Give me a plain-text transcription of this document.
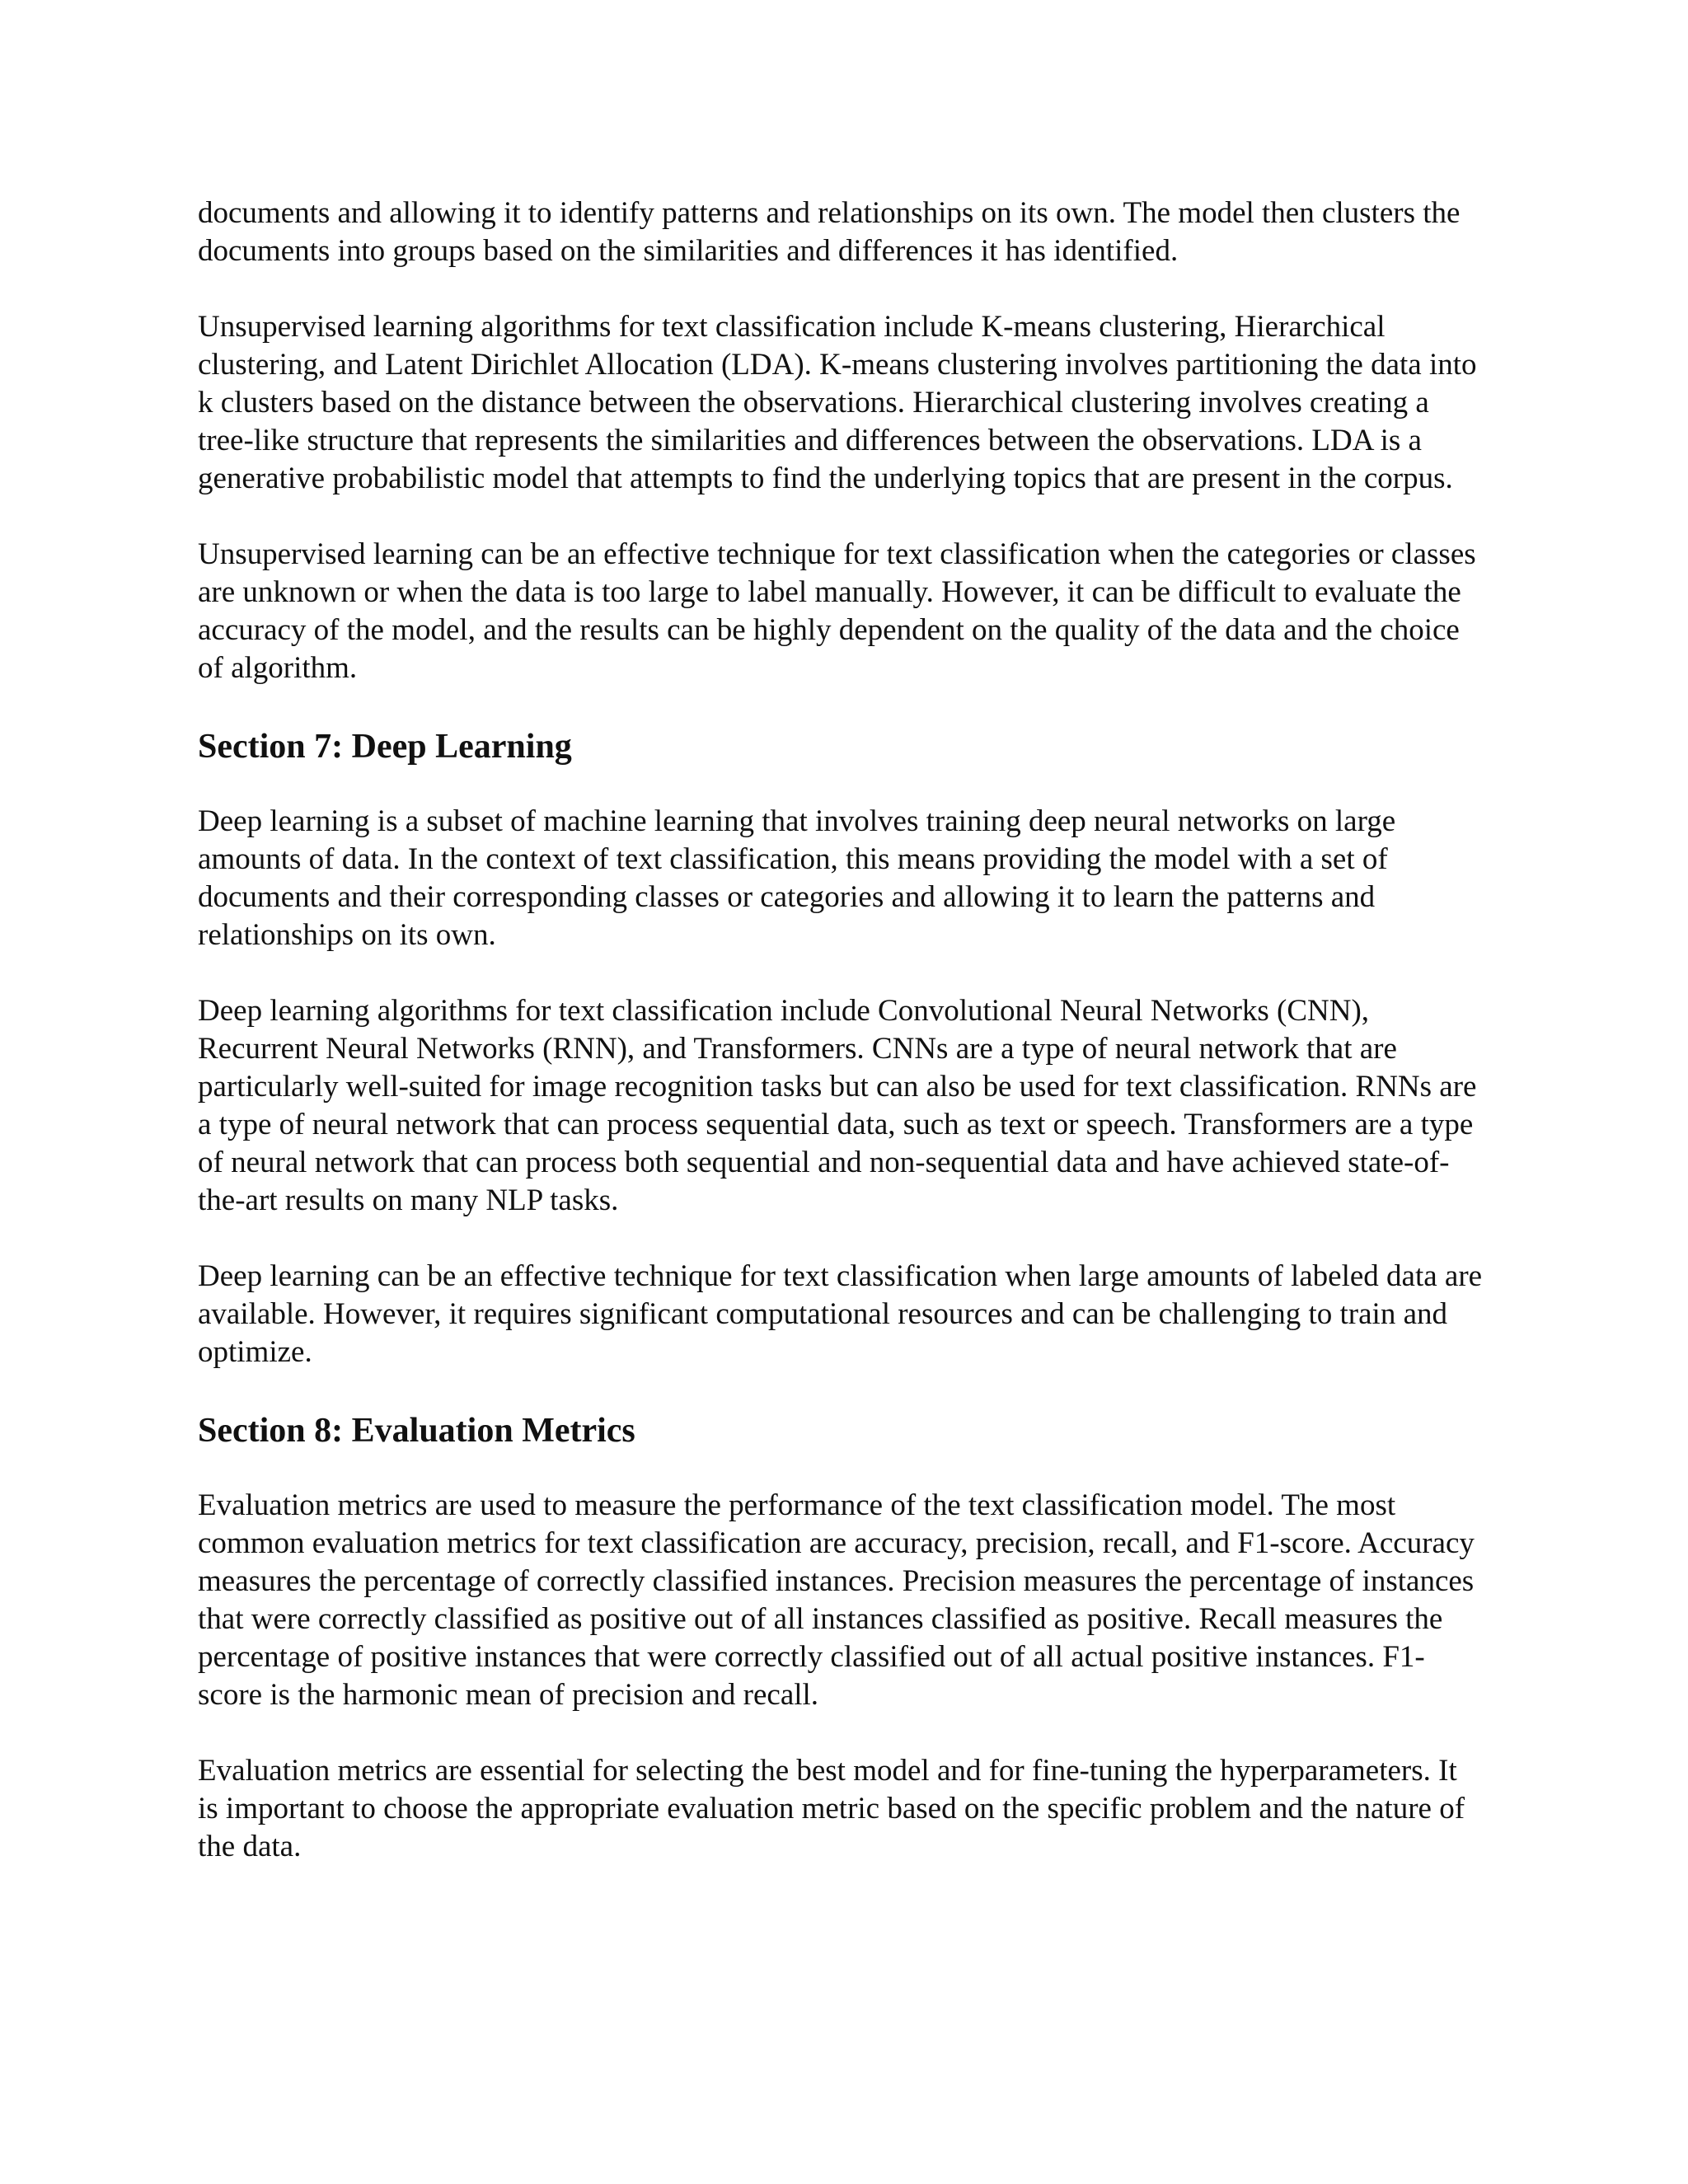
documents and allowing it to identify patterns and relationships on its own. The model then clusters the documents into groups based on the similarities and differences it has identified.

Unsupervised learning algorithms for text classification include K-means clustering, Hierarchical clustering, and Latent Dirichlet Allocation (LDA). K-means clustering involves partitioning the data into k clusters based on the distance between the observations. Hierarchical clustering involves creating a tree-like structure that represents the similarities and differences between the observations. LDA is a generative probabilistic model that attempts to find the underlying topics that are present in the corpus.

Unsupervised learning can be an effective technique for text classification when the categories or classes are unknown or when the data is too large to label manually. However, it can be difficult to evaluate the accuracy of the model, and the results can be highly dependent on the quality of the data and the choice of algorithm.

Section 7: Deep Learning

Deep learning is a subset of machine learning that involves training deep neural networks on large amounts of data. In the context of text classification, this means providing the model with a set of documents and their corresponding classes or categories and allowing it to learn the patterns and relationships on its own.

Deep learning algorithms for text classification include Convolutional Neural Networks (CNN), Recurrent Neural Networks (RNN), and Transformers. CNNs are a type of neural network that are particularly well-suited for image recognition tasks but can also be used for text classification. RNNs are a type of neural network that can process sequential data, such as text or speech. Transformers are a type of neural network that can process both sequential and non-sequential data and have achieved state-of-the-art results on many NLP tasks.

Deep learning can be an effective technique for text classification when large amounts of labeled data are available. However, it requires significant computational resources and can be challenging to train and optimize.

Section 8: Evaluation Metrics

Evaluation metrics are used to measure the performance of the text classification model. The most common evaluation metrics for text classification are accuracy, precision, recall, and F1-score. Accuracy measures the percentage of correctly classified instances. Precision measures the percentage of instances that were correctly classified as positive out of all instances classified as positive. Recall measures the percentage of positive instances that were correctly classified out of all actual positive instances. F1-score is the harmonic mean of precision and recall.

Evaluation metrics are essential for selecting the best model and for fine-tuning the hyperparameters. It is important to choose the appropriate evaluation metric based on the specific problem and the nature of the data.
